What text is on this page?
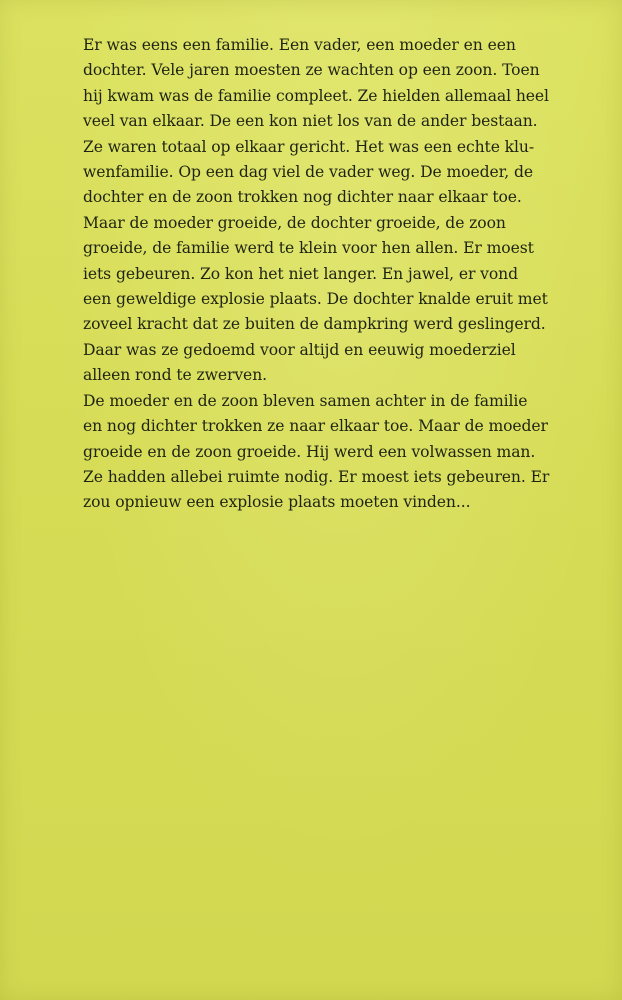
Er was eens een familie. Een vader, een moeder en een
dochter. Vele jaren moesten ze wachten op een zoon. Toen
hij kwam was de familie compleet. Ze hielden allemaal heel
veel van elkaar. De een kon niet los van de ander bestaan.
Ze waren totaal op elkaar gericht. Het was een echte klu-
wenfamilie. Op een dag viel de vader weg. De moeder, de
dochter en de zoon trokken nog dichter naar elkaar toe.
Maar de moeder groeide, de dochter groeide, de zoon
groeide, de familie werd te klein voor hen allen. Er moest
iets gebeuren. Zo kon het niet langer. En jawel, er vond
een geweldige explosie plaats. De dochter knalde eruit met
zoveel kracht dat ze buiten de dampkring werd geslingerd.
Daar was ze gedoemd voor altijd en eeuwig moederziel
alleen rond te zwerven.
De moeder en de zoon bleven samen achter in de familie
en nog dichter trokken ze naar elkaar toe. Maar de moeder
groeide en de zoon groeide. Hij werd een volwassen man.
Ze hadden allebei ruimte nodig. Er moest iets gebeuren. Er
zou opnieuw een explosie plaats moeten vinden...
